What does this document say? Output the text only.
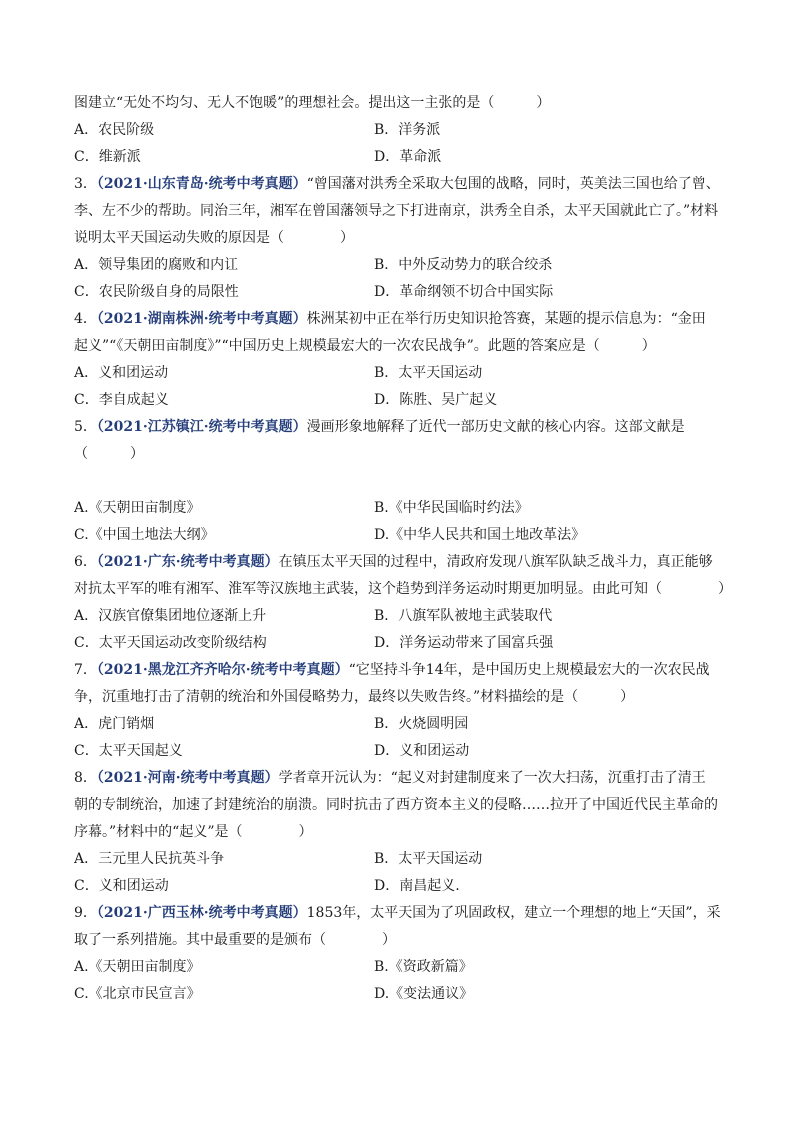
图建立“无处不均匀、无人不饱暖”的理想社会。提出这一主张的是（　　　）
A．农民阶级	B．洋务派
C．维新派	D．革命派
3．（2021·山东青岛·统考中考真题）“曾国藩对洪秀全采取大包围的战略，同时，英美法三国也给了曾、
李、左不少的帮助。同治三年，湘军在曾国藩领导之下打进南京，洪秀全自杀，太平天国就此亡了。”材料
说明太平天国运动失败的原因是（　　　　）
A．领导集团的腐败和内讧	B．中外反动势力的联合绞杀
C．农民阶级自身的局限性	D．革命纲领不切合中国实际
4．（2021·湖南株洲·统考中考真题）株洲某初中正在举行历史知识抢答赛，某题的提示信息为：“金田
起义”“《天朝田亩制度》”“中国历史上规模最宏大的一次农民战争”。此题的答案应是（　　　）
A．义和团运动	B．太平天国运动
C．李自成起义	D．陈胜、吴广起义
5．（2021·江苏镇江·统考中考真题）漫画形象地解释了近代一部历史文献的核心内容。这部文献是
（　　　）
A.《天朝田亩制度》	B.《中华民国临时约法》
C.《中国土地法大纲》	D.《中华人民共和国土地改革法》
6．（2021·广东·统考中考真题）在镇压太平天国的过程中，清政府发现八旗军队缺乏战斗力，真正能够
对抗太平军的唯有湘军、淮军等汉族地主武装，这个趋势到洋务运动时期更加明显。由此可知（　　　　）
A．汉族官僚集团地位逐渐上升	B．八旗军队被地主武装取代
C．太平天国运动改变阶级结构	D．洋务运动带来了国富兵强
7．（2021·黑龙江齐齐哈尔·统考中考真题）“它坚持斗争14年，是中国历史上规模最宏大的一次农民战
争，沉重地打击了清朝的统治和外国侵略势力，最终以失败告终。”材料描绘的是（　　　）
A．虎门销烟	B．火烧圆明园
C．太平天国起义	D．义和团运动
8．（2021·河南·统考中考真题）学者章开沅认为：“起义对封建制度来了一次大扫荡，沉重打击了清王
朝的专制统治，加速了封建统治的崩溃。同时抗击了西方资本主义的侵略……拉开了中国近代民主革命的
序幕。”材料中的“起义”是（　　　　）
A．三元里人民抗英斗争	B．太平天国运动
C．义和团运动	D．南昌起义.
9．（2021·广西玉林·统考中考真题）1853年，太平天国为了巩固政权，建立一个理想的地上“天国”，采
取了一系列措施。其中最重要的是颁布（　　　　）
A.《天朝田亩制度》	B.《资政新篇》
C.《北京市民宣言》	D.《变法通议》
